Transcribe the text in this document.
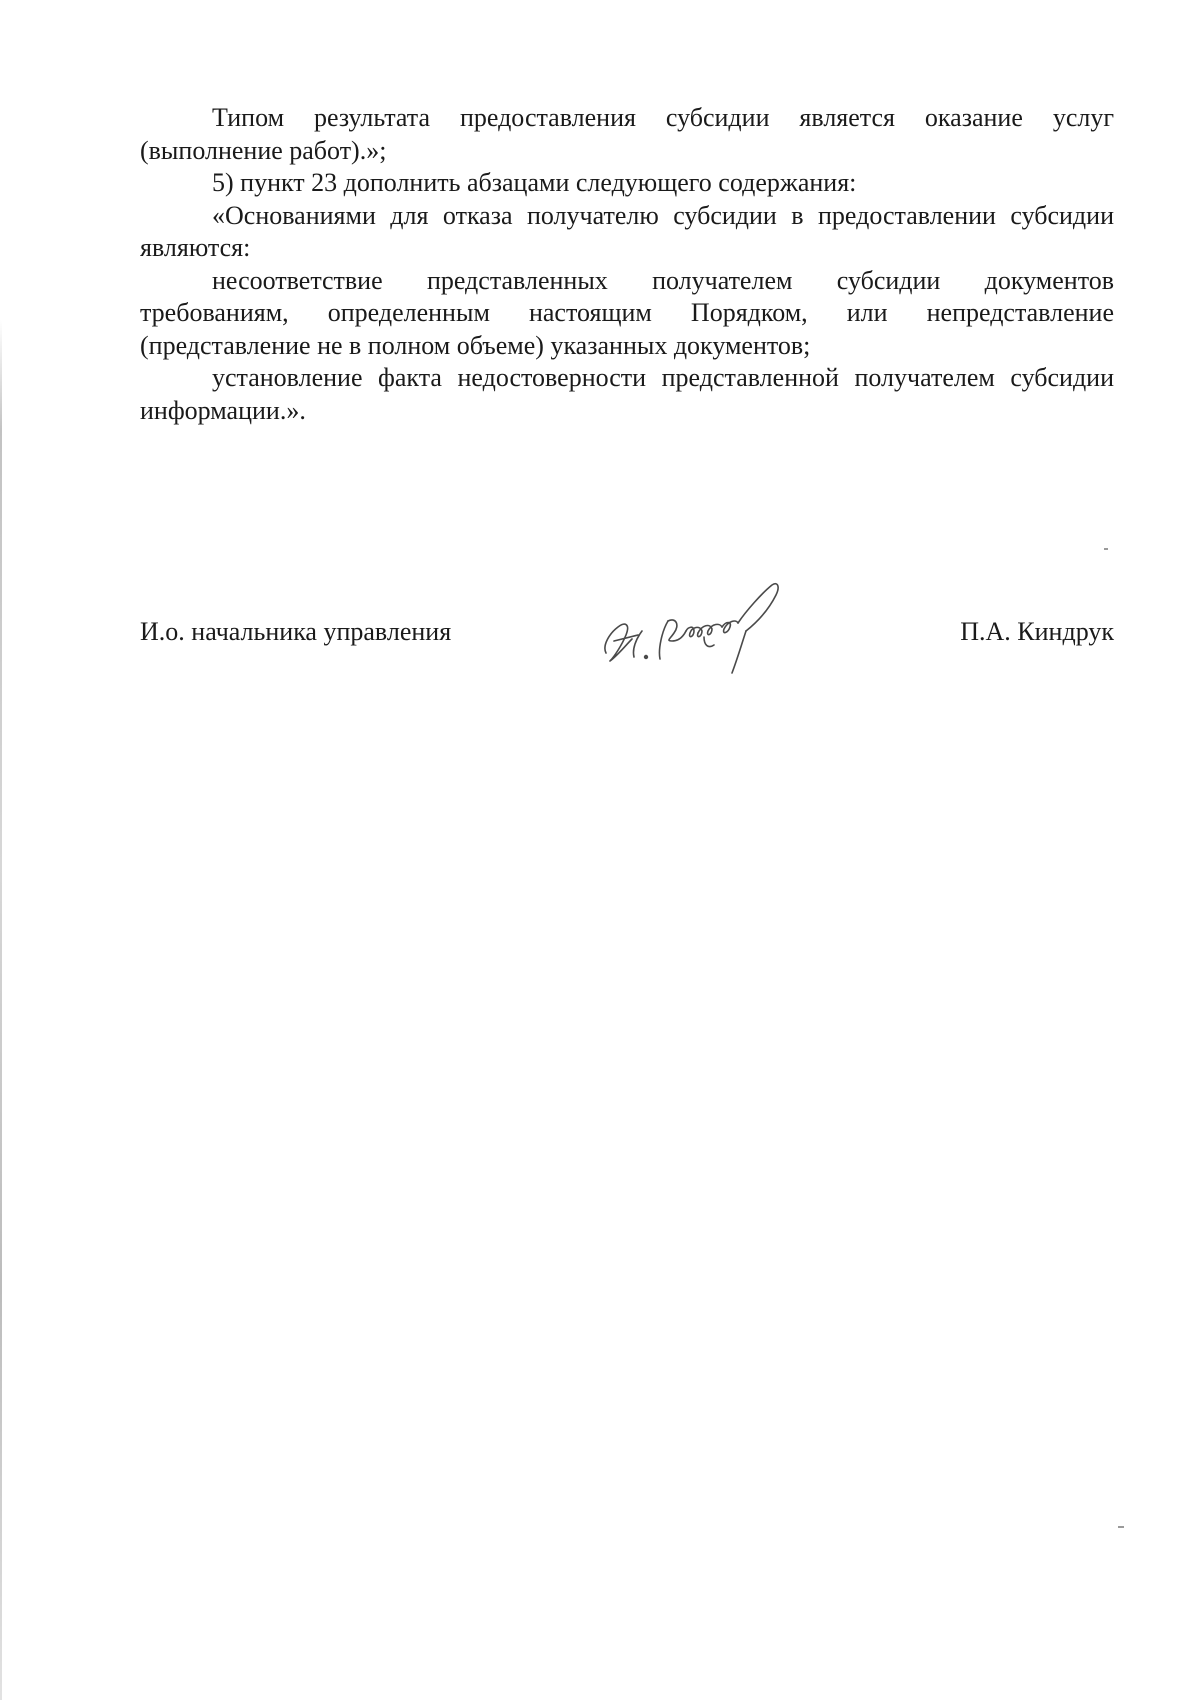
Типом результата предоставления субсидии является оказание услуг (выполнение работ).»;

5) пункт 23 дополнить абзацами следующего содержания:

«Основаниями для отказа получателю субсидии в предоставлении субсидии являются:

несоответствие представленных получателем субсидии документов требованиям, определенным настоящим Порядком, или непредставление (представление не в полном объеме) указанных документов;

установление факта недостоверности представленной получателем субсидии информации.».

И.о. начальника управления	П.А. Киндрук
